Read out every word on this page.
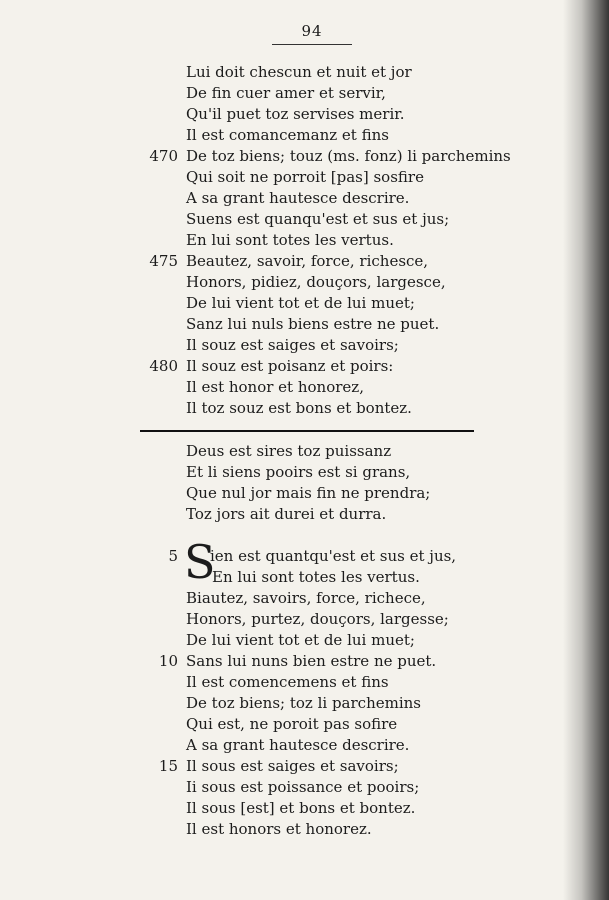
94
Lui doit chescun et nuit et jor
De fin cuer amer et servir,
Qu'il puet toz servises merir.
Il est comancemanz et fins
470 De toz biens; touz (ms. fonz) li parchemins
Qui soit ne porroit [pas] sosfire
A sa grant hautesce descrire.
Suens est quanqu'est et sus et jus;
En lui sont totes les vertus.
475 Beautez, savoir, force, richesce,
Honors, pidiez, douçors, largesce,
De lui vient tot et de lui muet;
Sanz lui nuls biens estre ne puet.
Il souz est saiges et savoirs;
480 Il souz est poisanz et poirs:
Il est honor et honorez,
Il toz souz est bons et bontez.
Deus est sires toz puissanz
Et li siens pooirs est si grans,
Que nul jor mais fin ne prendra;
Toz jors ait durei et durra.
5 S
ien est quantqu'est et sus et jus,
En lui sont totes les vertus.
Biautez, savoirs, force, richece,
Honors, purtez, douçors, largesse;
De lui vient tot et de lui muet;
10 Sans lui nuns bien estre ne puet.
Il est comencemens et fins
De toz biens; toz li parchemins
Qui est, ne poroit pas sofire
A sa grant hautesce descrire.
15 Il sous est saiges et savoirs;
Ii sous est poissance et pooirs;
Il sous [est] et bons et bontez.
Il est honors et honorez.
